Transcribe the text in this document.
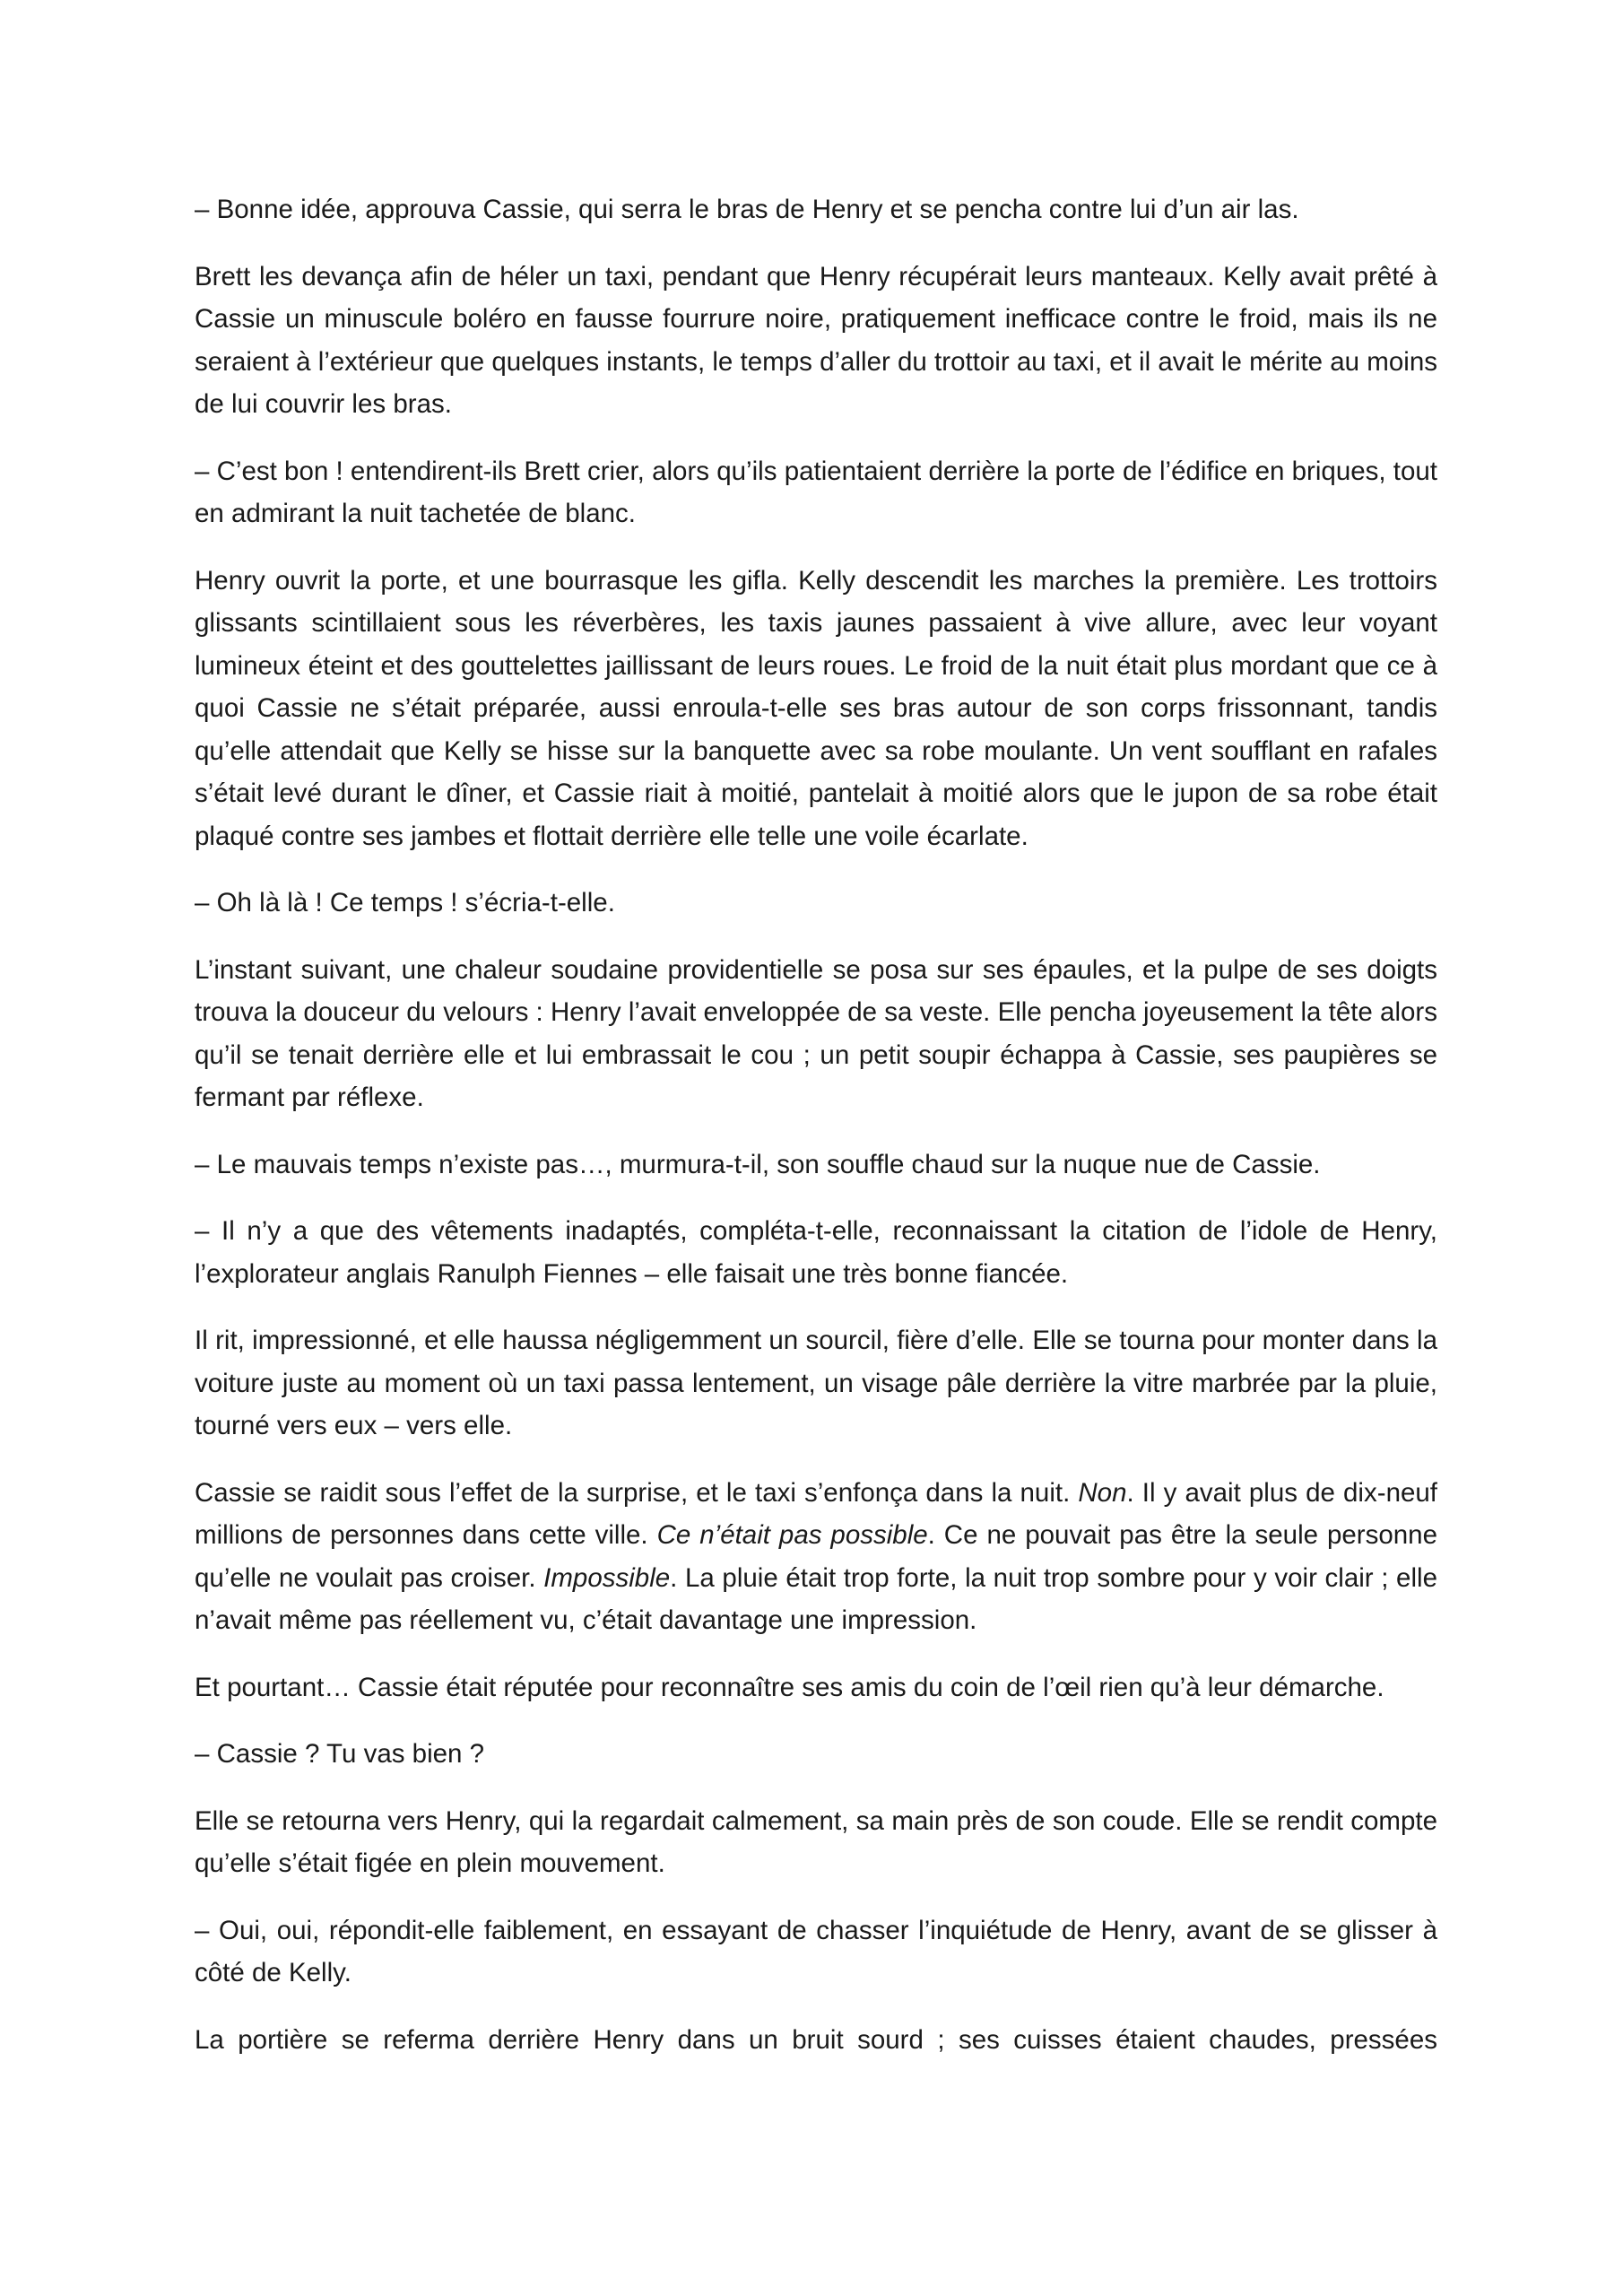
– Bonne idée, approuva Cassie, qui serra le bras de Henry et se pencha contre lui d’un air las.

Brett les devança afin de héler un taxi, pendant que Henry récupérait leurs manteaux. Kelly avait prêté à Cassie un minuscule boléro en fausse fourrure noire, pratiquement inefficace contre le froid, mais ils ne seraient à l’extérieur que quelques instants, le temps d’aller du trottoir au taxi, et il avait le mérite au moins de lui couvrir les bras.

– C’est bon ! entendirent-ils Brett crier, alors qu’ils patientaient derrière la porte de l’édifice en briques, tout en admirant la nuit tachetée de blanc.

Henry ouvrit la porte, et une bourrasque les gifla. Kelly descendit les marches la première. Les trottoirs glissants scintillaient sous les réverbères, les taxis jaunes passaient à vive allure, avec leur voyant lumineux éteint et des gouttelettes jaillissant de leurs roues. Le froid de la nuit était plus mordant que ce à quoi Cassie ne s’était préparée, aussi enroula-t-elle ses bras autour de son corps frissonnant, tandis qu’elle attendait que Kelly se hisse sur la banquette avec sa robe moulante. Un vent soufflant en rafales s’était levé durant le dîner, et Cassie riait à moitié, pantelait à moitié alors que le jupon de sa robe était plaqué contre ses jambes et flottait derrière elle telle une voile écarlate.

– Oh là là ! Ce temps ! s’écria-t-elle.

L’instant suivant, une chaleur soudaine providentielle se posa sur ses épaules, et la pulpe de ses doigts trouva la douceur du velours : Henry l’avait enveloppée de sa veste. Elle pencha joyeusement la tête alors qu’il se tenait derrière elle et lui embrassait le cou ; un petit soupir échappa à Cassie, ses paupières se fermant par réflexe.

– Le mauvais temps n’existe pas…, murmura-t-il, son souffle chaud sur la nuque nue de Cassie.

– Il n’y a que des vêtements inadaptés, compléta-t-elle, reconnaissant la citation de l’idole de Henry, l’explorateur anglais Ranulph Fiennes – elle faisait une très bonne fiancée.

Il rit, impressionné, et elle haussa négligemment un sourcil, fière d’elle. Elle se tourna pour monter dans la voiture juste au moment où un taxi passa lentement, un visage pâle derrière la vitre marbrée par la pluie, tourné vers eux – vers elle.

Cassie se raidit sous l’effet de la surprise, et le taxi s’enfonça dans la nuit. Non. Il y avait plus de dix-neuf millions de personnes dans cette ville. Ce n’était pas possible. Ce ne pouvait pas être la seule personne qu’elle ne voulait pas croiser. Impossible. La pluie était trop forte, la nuit trop sombre pour y voir clair ; elle n’avait même pas réellement vu, c’était davantage une impression.

Et pourtant… Cassie était réputée pour reconnaître ses amis du coin de l’œil rien qu’à leur démarche.

– Cassie ? Tu vas bien ?

Elle se retourna vers Henry, qui la regardait calmement, sa main près de son coude. Elle se rendit compte qu’elle s’était figée en plein mouvement.

– Oui, oui, répondit-elle faiblement, en essayant de chasser l’inquiétude de Henry, avant de se glisser à côté de Kelly.

La portière se referma derrière Henry dans un bruit sourd ; ses cuisses étaient chaudes, pressées
